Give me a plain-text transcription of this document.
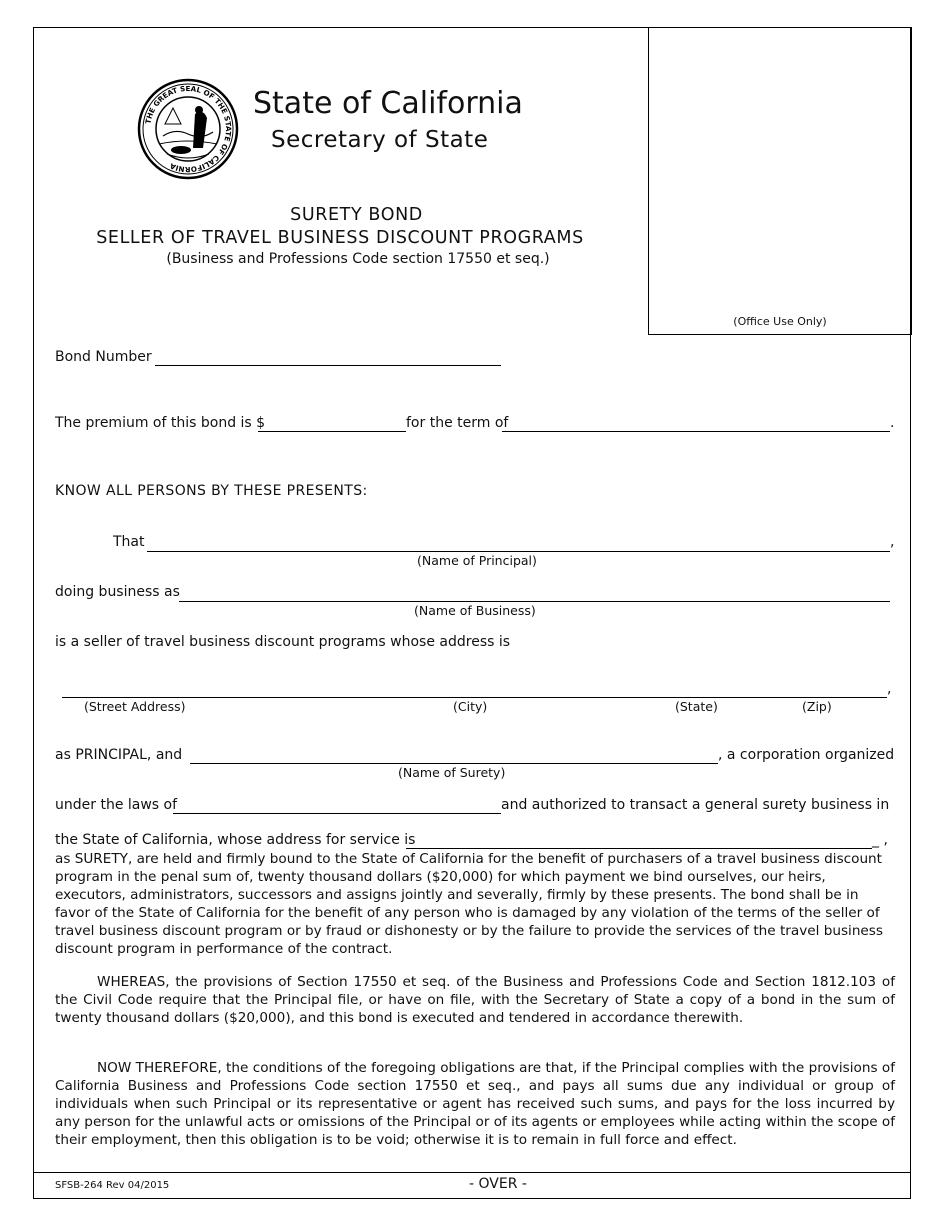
(Office Use Only)
THE GREAT SEAL OF THE STATE OF CALIFORNIA
State of California
Secretary of State
SURETY BOND
SELLER OF TRAVEL BUSINESS DISCOUNT PROGRAMS
(Business and Professions Code section 17550 et seq.)
Bond Number
The premium of this bond is $	for the term of	.
KNOW ALL PERSONS BY THESE PRESENTS:
That	,
(Name of Principal)
doing business as
(Name of Business)
is a seller of travel business discount programs whose address is
,
(Street Address)	(City)	(State)	(Zip)
as PRINCIPAL, and	, a corporation organized
(Name of Surety)
under the laws of	and authorized to transact a general surety business in
the State of California, whose address for service is	_ ,
as SURETY, are held and firmly bound to the State of California for the benefit of purchasers of a travel business discount program in the penal sum of, twenty thousand dollars ($20,000) for which payment we bind ourselves, our heirs, executors, administrators, successors and assigns jointly and severally, firmly by these presents. The bond shall be in favor of the State of California for the benefit of any person who is damaged by any violation of the terms of the seller of travel business discount program or by fraud or dishonesty or by the failure to provide the services of the travel business discount program in performance of the contract.
WHEREAS, the provisions of Section 17550 et seq. of the Business and Professions Code and Section 1812.103 of the Civil Code require that the Principal file, or have on file, with the Secretary of State a copy of a bond in the sum of twenty thousand dollars ($20,000), and this bond is executed and tendered in accordance therewith.
NOW THEREFORE, the conditions of the foregoing obligations are that, if the Principal complies with the provisions of California Business and Professions Code section 17550 et seq., and pays all sums due any individual or group of individuals when such Principal or its representative or agent has received such sums, and pays for the loss incurred by any person for the unlawful acts or omissions of the Principal or of its agents or employees while acting within the scope of their employment, then this obligation is to be void; otherwise it is to remain in full force and effect.
SFSB-264 Rev 04/2015	- OVER -
